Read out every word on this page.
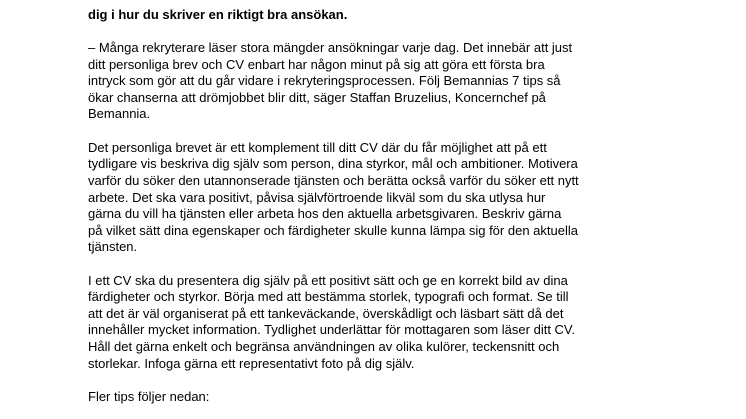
dig i hur du skriver en riktigt bra ansökan.

– Många rekryterare läser stora mängder ansökningar varje dag. Det innebär att just
ditt personliga brev och CV enbart har någon minut på sig att göra ett första bra
intryck som gör att du går vidare i rekryteringsprocessen. Följ Bemannias 7 tips så
ökar chanserna att drömjobbet blir ditt, säger Staffan Bruzelius, Koncernchef på
Bemannia.

Det personliga brevet är ett komplement till ditt CV där du får möjlighet att på ett
tydligare vis beskriva dig själv som person, dina styrkor, mål och ambitioner. Motivera
varför du söker den utannonserade tjänsten och berätta också varför du söker ett nytt
arbete. Det ska vara positivt, påvisa självförtroende likväl som du ska utlysa hur
gärna du vill ha tjänsten eller arbeta hos den aktuella arbetsgivaren. Beskriv gärna
på vilket sätt dina egenskaper och färdigheter skulle kunna lämpa sig för den aktuella
tjänsten.

I ett CV ska du presentera dig själv på ett positivt sätt och ge en korrekt bild av dina
färdigheter och styrkor. Börja med att bestämma storlek, typografi och format. Se till
att det är väl organiserat på ett tankeväckande, överskådligt och läsbart sätt då det
innehåller mycket information. Tydlighet underlättar för mottagaren som läser ditt CV.
Håll det gärna enkelt och begränsa användningen av olika kulörer, teckensnitt och
storlekar. Infoga gärna ett representativt foto på dig själv.

Fler tips följer nedan:
